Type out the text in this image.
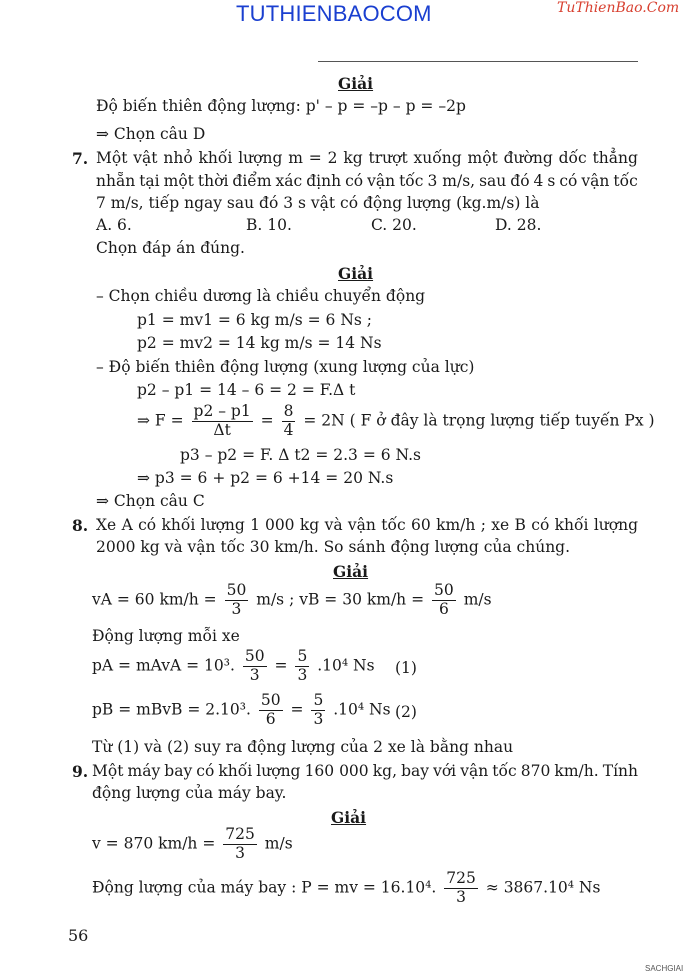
TUTHIENBAOCOM	TuThienBao.Com
Giải
Độ biến thiên động lượng: p' – p = –p – p = –2p
⇒ Chọn câu D
7. Một vật nhỏ khối lượng m = 2 kg trượt xuống một đường dốc thẳng
nhẵn tại một thời điểm xác định có vận tốc 3 m/s, sau đó 4 s có vận tốc
7 m/s, tiếp ngay sau đó 3 s vật có động lượng (kg.m/s) là
A. 6.	B. 10.	C. 20.	D. 28.
Chọn đáp án đúng.
Giải
– Chọn chiều dương là chiều chuyển động
p1 = mv1 = 6 kg m/s = 6 Ns ;
p2 = mv2 = 14 kg m/s = 14 Ns
– Độ biến thiên động lượng (xung lượng của lực)
p2 – p1 = 14 – 6 = 2 = F.Δ t
⇒ $F = \frac{p2 - p1}{\Delta t} = \frac{8}{4} = 2N$ ( F ở đây là trọng lượng tiếp tuyến Px )
p3 – p2 = F. Δ t2 = 2.3 = 6 N.s
⇒ p3 = 6 + p2 = 6 +14 = 20 N.s
⇒ Chọn câu C
8. Xe A có khối lượng 1 000 kg và vận tốc 60 km/h ; xe B có khối lượng
2000 kg và vận tốc 30 km/h. So sánh động lượng của chúng.
Giải
vA = 60 $km/h = \frac{50}{3} m/s$ ; vB = 30 $km/h = \frac{50}{6} m/s$
Động lượng mỗi xe
pA = mAvA = 10³. $\frac{50}{3} = \frac{5}{3} .10^4$ Ns (1)
pB = mBvB = 2.10³. $\frac{50}{6} = \frac{5}{3} .10^4$ Ns (2)
Từ (1) và (2) suy ra động lượng của 2 xe là bằng nhau
9. Một máy bay có khối lượng 160 000 kg, bay với vận tốc 870 km/h. Tính
động lượng của máy bay.
Giải
v = 870 $km/h = \frac{725}{3} m/s$
Động lượng của máy bay : P = mv = 16.10⁴. $\frac{725}{3} \approx 3867.10^4$ Ns
56
SACHGIAI
